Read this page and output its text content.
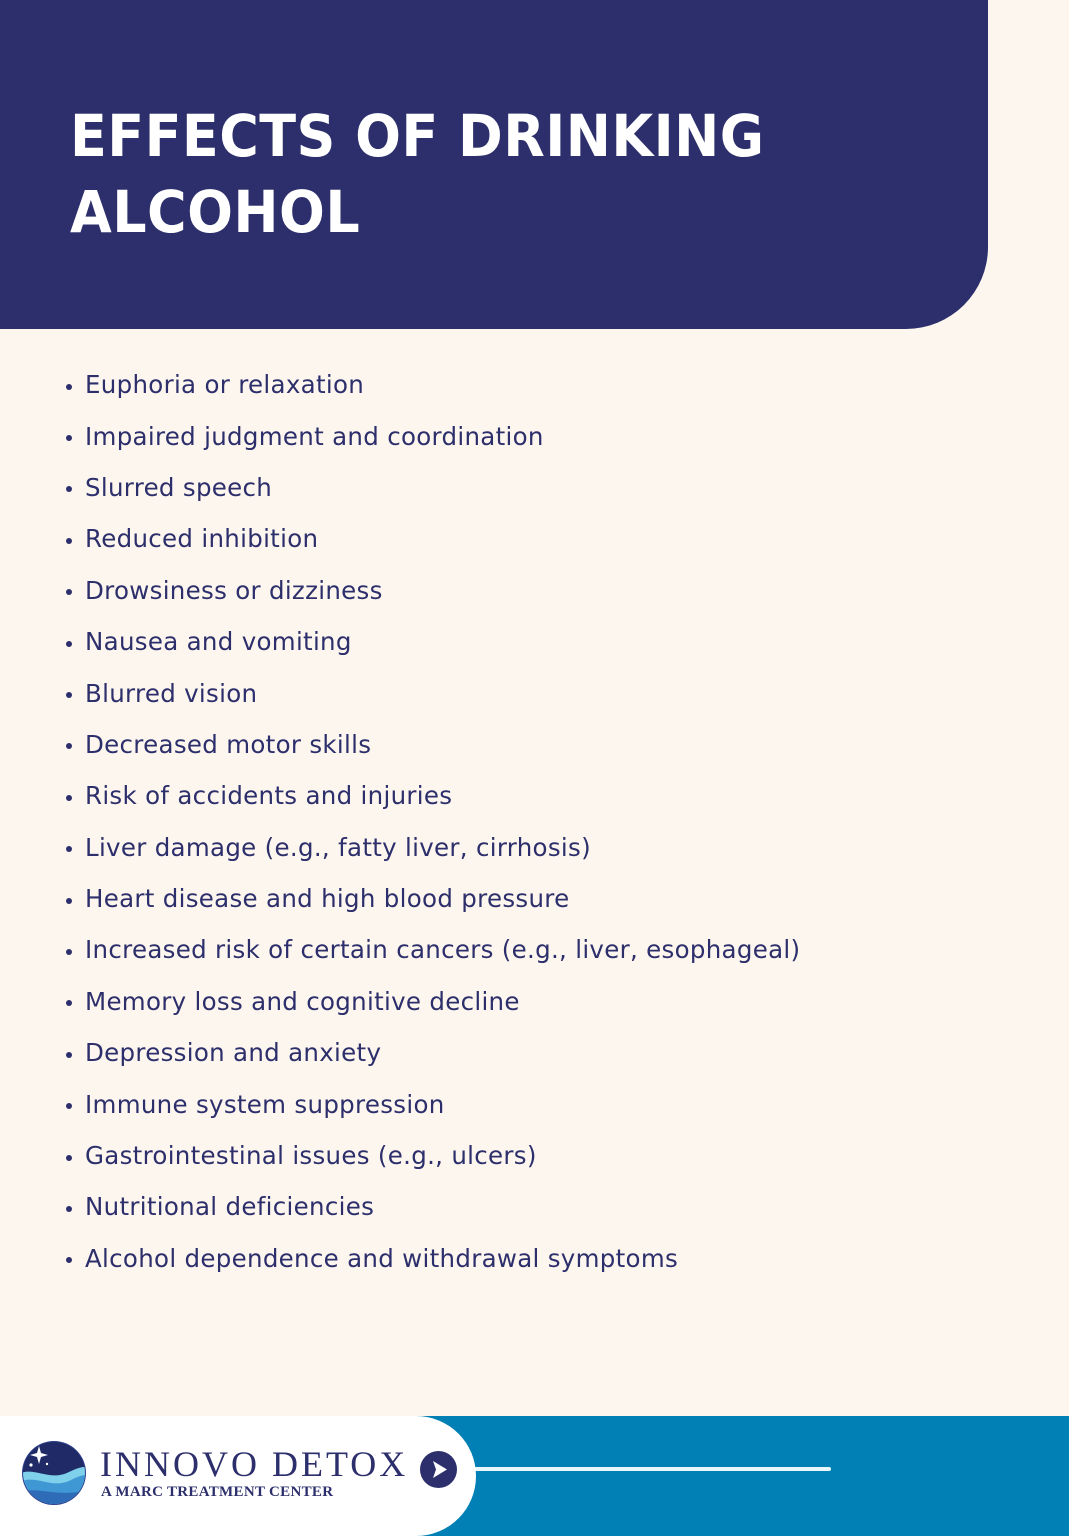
EFFECTS OF DRINKING
ALCOHOL
Euphoria or relaxation
Impaired judgment and coordination
Slurred speech
Reduced inhibition
Drowsiness or dizziness
Nausea and vomiting
Blurred vision
Decreased motor skills
Risk of accidents and injuries
Liver damage (e.g., fatty liver, cirrhosis)
Heart disease and high blood pressure
Increased risk of certain cancers (e.g., liver, esophageal)
Memory loss and cognitive decline
Depression and anxiety
Immune system suppression
Gastrointestinal issues (e.g., ulcers)
Nutritional deficiencies
Alcohol dependence and withdrawal symptoms
INNOVO DETOX
A MARC TREATMENT CENTER
